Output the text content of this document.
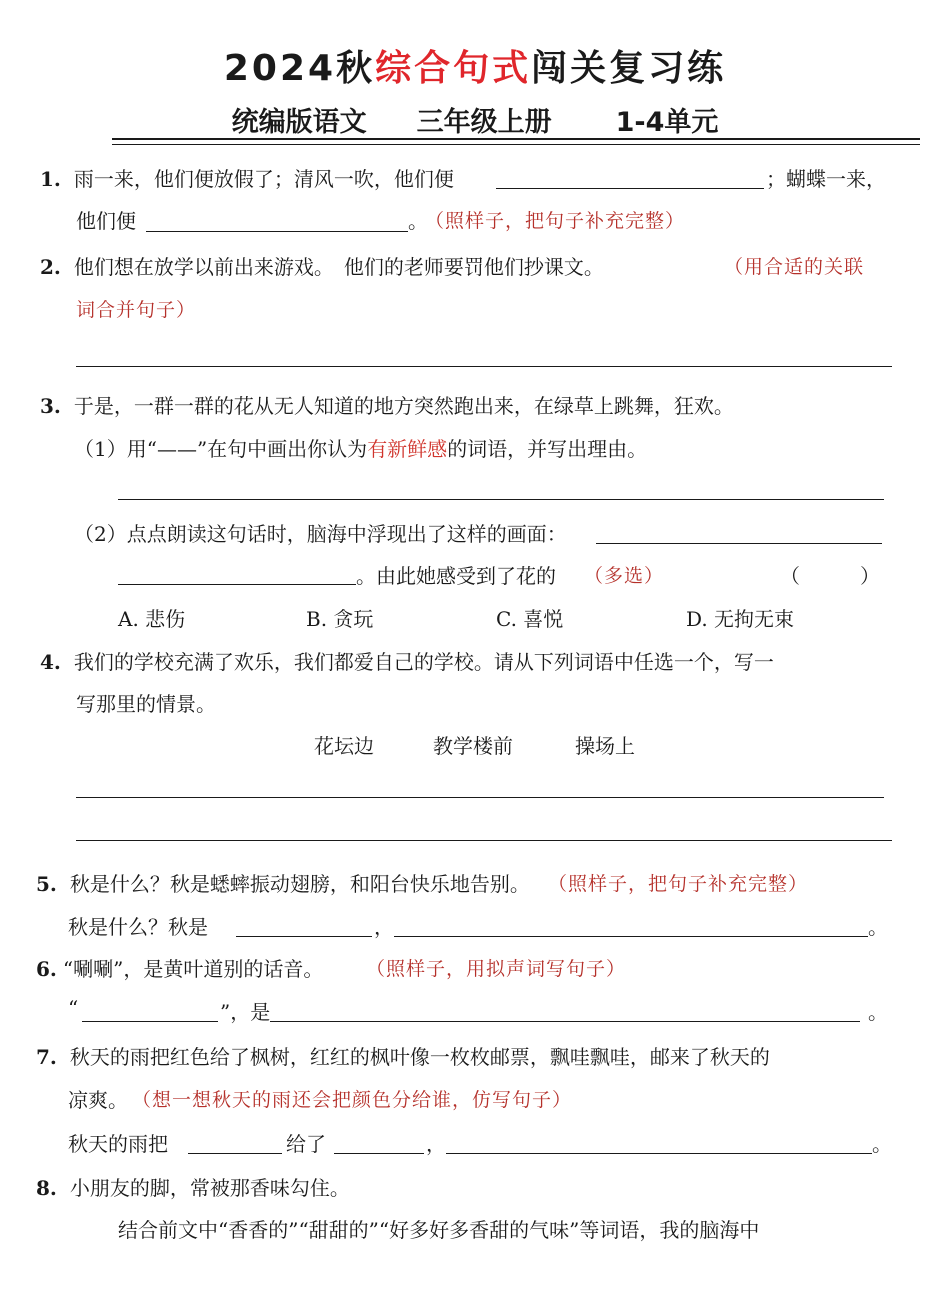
2024秋综合句式闯关复习练
统编版语文 三年级上册 1-4单元
1. 雨一来，他们便放假了；清风一吹，他们便	；蝴蝶一来，
他们便	。
（照样子，把句子补充完整）
2. 他们想在放学以前出来游戏。　他们的老师要罚他们抄课文。	（用合适的关联
词合并句子）
3. 于是，一群一群的花从无人知道的地方突然跑出来，在绿草上跳舞，狂欢。
（1）用“——”在句中画出你认为有新鲜感的词语，并写出理由。
（2）点点朗读这句话时，脑海中浮现出了这样的画面：
。由此她感受到了花的 （多选）	（　　　）
A. 悲伤	B. 贪玩	C. 喜悦	D. 无拘无束
4. 我们的学校充满了欢乐，我们都爱自己的学校。请从下列词语中任选一个，写一
写那里的情景。
花坛边	教学楼前	操场上
5. 秋是什么？秋是蟋蟀振动翅膀，和阳台快乐地告别。 （照样子，把句子补充完整）
秋是什么？秋是	，	。
6. “唰唰”，是黄叶道别的话音。 （照样子，用拟声词写句子）
“	”，是	。
7. 秋天的雨把红色给了枫树，红红的枫叶像一枚枚邮票，飘哇飘哇，邮来了秋天的
凉爽。 （想一想秋天的雨还会把颜色分给谁，仿写句子）
秋天的雨把	给了	，	。
8. 小朋友的脚，常被那香味勾住。
结合前文中“香香的”“甜甜的”“好多好多香甜的气味”等词语，我的脑海中
